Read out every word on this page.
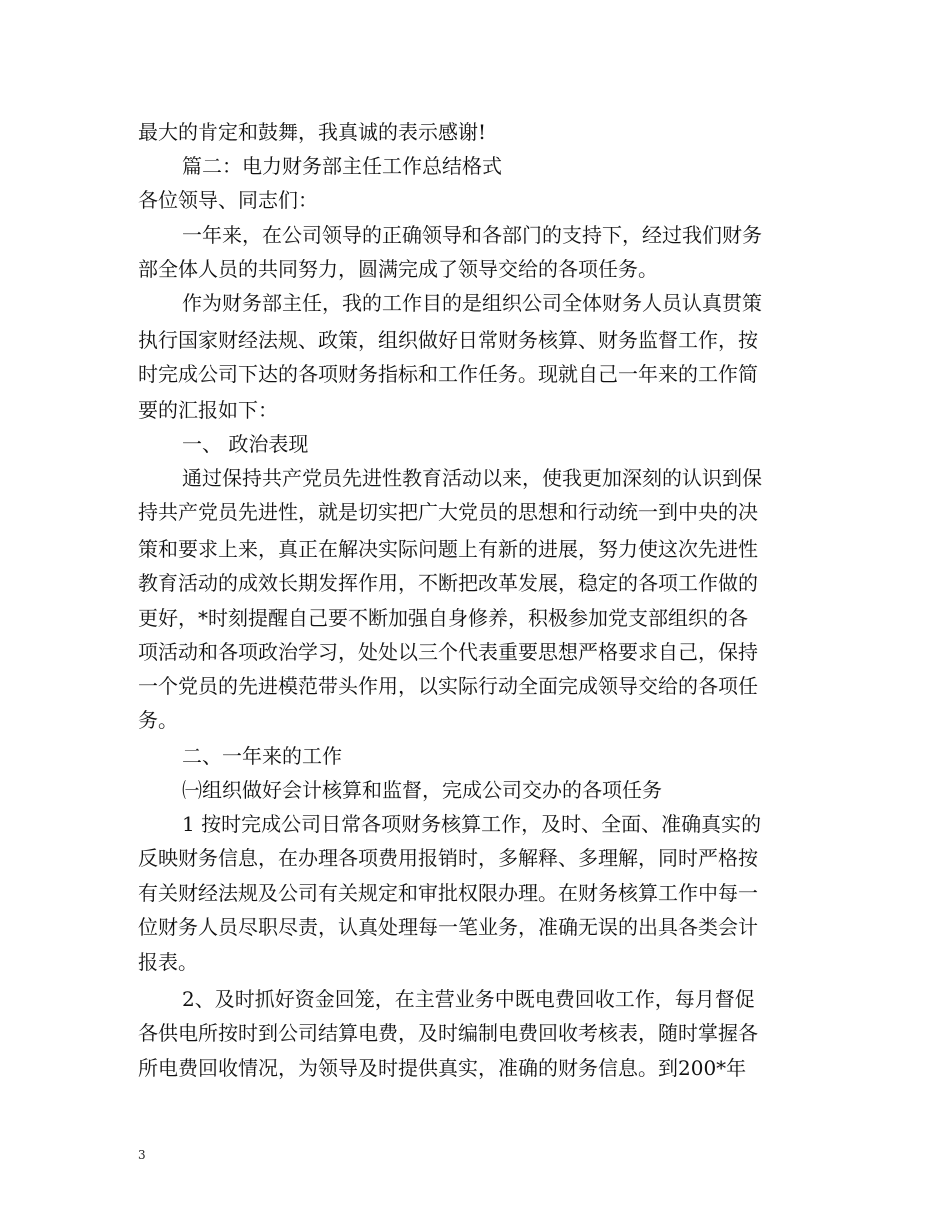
最大的肯定和鼓舞，我真诚的表示感谢!
篇二：电力财务部主任工作总结格式
各位领导、同志们：
一年来，在公司领导的正确领导和各部门的支持下，经过我们财务
部全体人员的共同努力，圆满完成了领导交给的各项任务。
作为财务部主任，我的工作目的是组织公司全体财务人员认真贯策
执行国家财经法规、政策，组织做好日常财务核算、财务监督工作，按
时完成公司下达的各项财务指标和工作任务。现就自己一年来的工作简
要的汇报如下：
一、 政治表现
通过保持共产党员先进性教育活动以来，使我更加深刻的认识到保
持共产党员先进性，就是切实把广大党员的思想和行动统一到中央的决
策和要求上来，真正在解决实际问题上有新的进展，努力使这次先进性
教育活动的成效长期发挥作用，不断把改革发展，稳定的各项工作做的
更好，*时刻提醒自己要不断加强自身修养，积极参加党支部组织的各
项活动和各项政治学习，处处以三个代表重要思想严格要求自己，保持
一个党员的先进模范带头作用，以实际行动全面完成领导交给的各项任
务。
二、一年来的工作
㈠组织做好会计核算和监督，完成公司交办的各项任务
1 按时完成公司日常各项财务核算工作，及时、全面、准确真实的
反映财务信息，在办理各项费用报销时，多解释、多理解，同时严格按
有关财经法规及公司有关规定和审批权限办理。在财务核算工作中每一
位财务人员尽职尽责，认真处理每一笔业务，准确无误的出具各类会计
报表。
2、及时抓好资金回笼，在主营业务中既电费回收工作，每月督促
各供电所按时到公司结算电费，及时编制电费回收考核表，随时掌握各
所电费回收情况，为领导及时提供真实，准确的财务信息。到200*年
3
